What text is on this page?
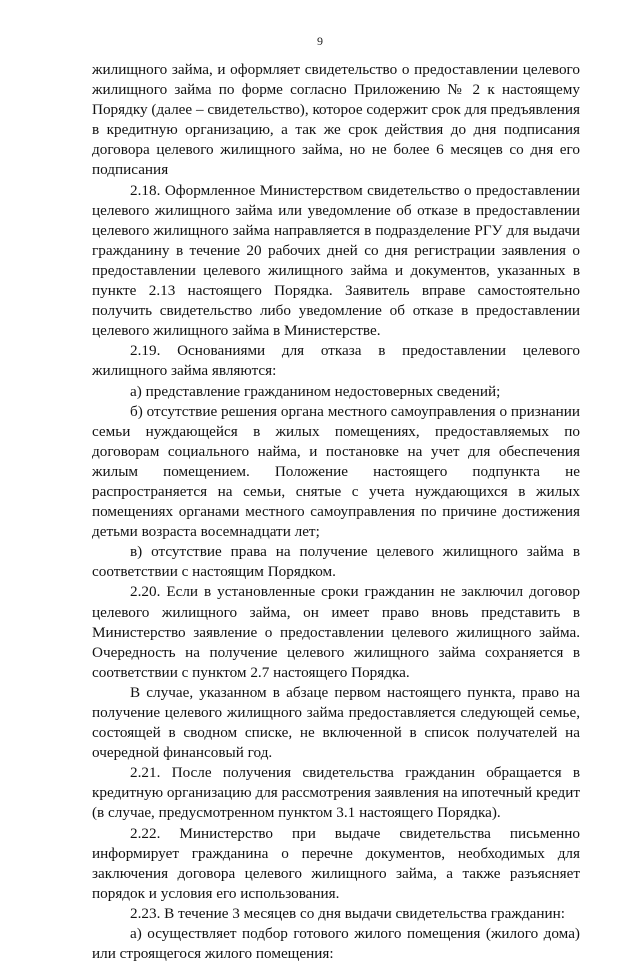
9

жилищного займа, и оформляет свидетельство о предоставлении целевого жилищного займа по форме согласно Приложению № 2 к настоящему Порядку (далее – свидетельство), которое содержит срок для предъявления в кредитную организацию, а так же срок действия до дня подписания договора целевого жилищного займа, но не более 6 месяцев со дня его подписания

2.18. Оформленное Министерством свидетельство о предоставлении целевого жилищного займа или уведомление об отказе в предоставлении целевого жилищного займа направляется в подразделение РГУ для выдачи гражданину в течение 20 рабочих дней со дня регистрации заявления о предоставлении целевого жилищного займа и документов, указанных в пункте 2.13 настоящего Порядка. Заявитель вправе самостоятельно получить свидетельство либо уведомление об отказе в предоставлении целевого жилищного займа в Министерстве.

2.19. Основаниями для отказа в предоставлении целевого жилищного займа являются:

а) представление гражданином недостоверных сведений;

б) отсутствие решения органа местного самоуправления о признании семьи нуждающейся в жилых помещениях, предоставляемых по договорам социального найма, и постановке на учет для обеспечения жилым помещением. Положение настоящего подпункта не распространяется на семьи, снятые с учета нуждающихся в жилых помещениях органами местного самоуправления по причине достижения детьми возраста восемнадцати лет;

в) отсутствие права на получение целевого жилищного займа в соответствии с настоящим Порядком.

2.20. Если в установленные сроки гражданин не заключил договор целевого жилищного займа, он имеет право вновь представить в Министерство заявление о предоставлении целевого жилищного займа. Очередность на получение целевого жилищного займа сохраняется в соответствии с пунктом 2.7 настоящего Порядка.

В случае, указанном в абзаце первом настоящего пункта, право на получение целевого жилищного займа предоставляется следующей семье, состоящей в сводном списке, не включенной в список получателей на очередной финансовый год.

2.21. После получения свидетельства гражданин обращается в кредитную организацию для рассмотрения заявления на ипотечный кредит (в случае, предусмотренном пунктом 3.1 настоящего Порядка).

2.22. Министерство при выдаче свидетельства письменно информирует гражданина о перечне документов, необходимых для заключения договора целевого жилищного займа, а также разъясняет порядок и условия его использования.

2.23. В течение 3 месяцев со дня выдачи свидетельства гражданин:

а) осуществляет подбор готового жилого помещения (жилого дома) или строящегося жилого помещения:
